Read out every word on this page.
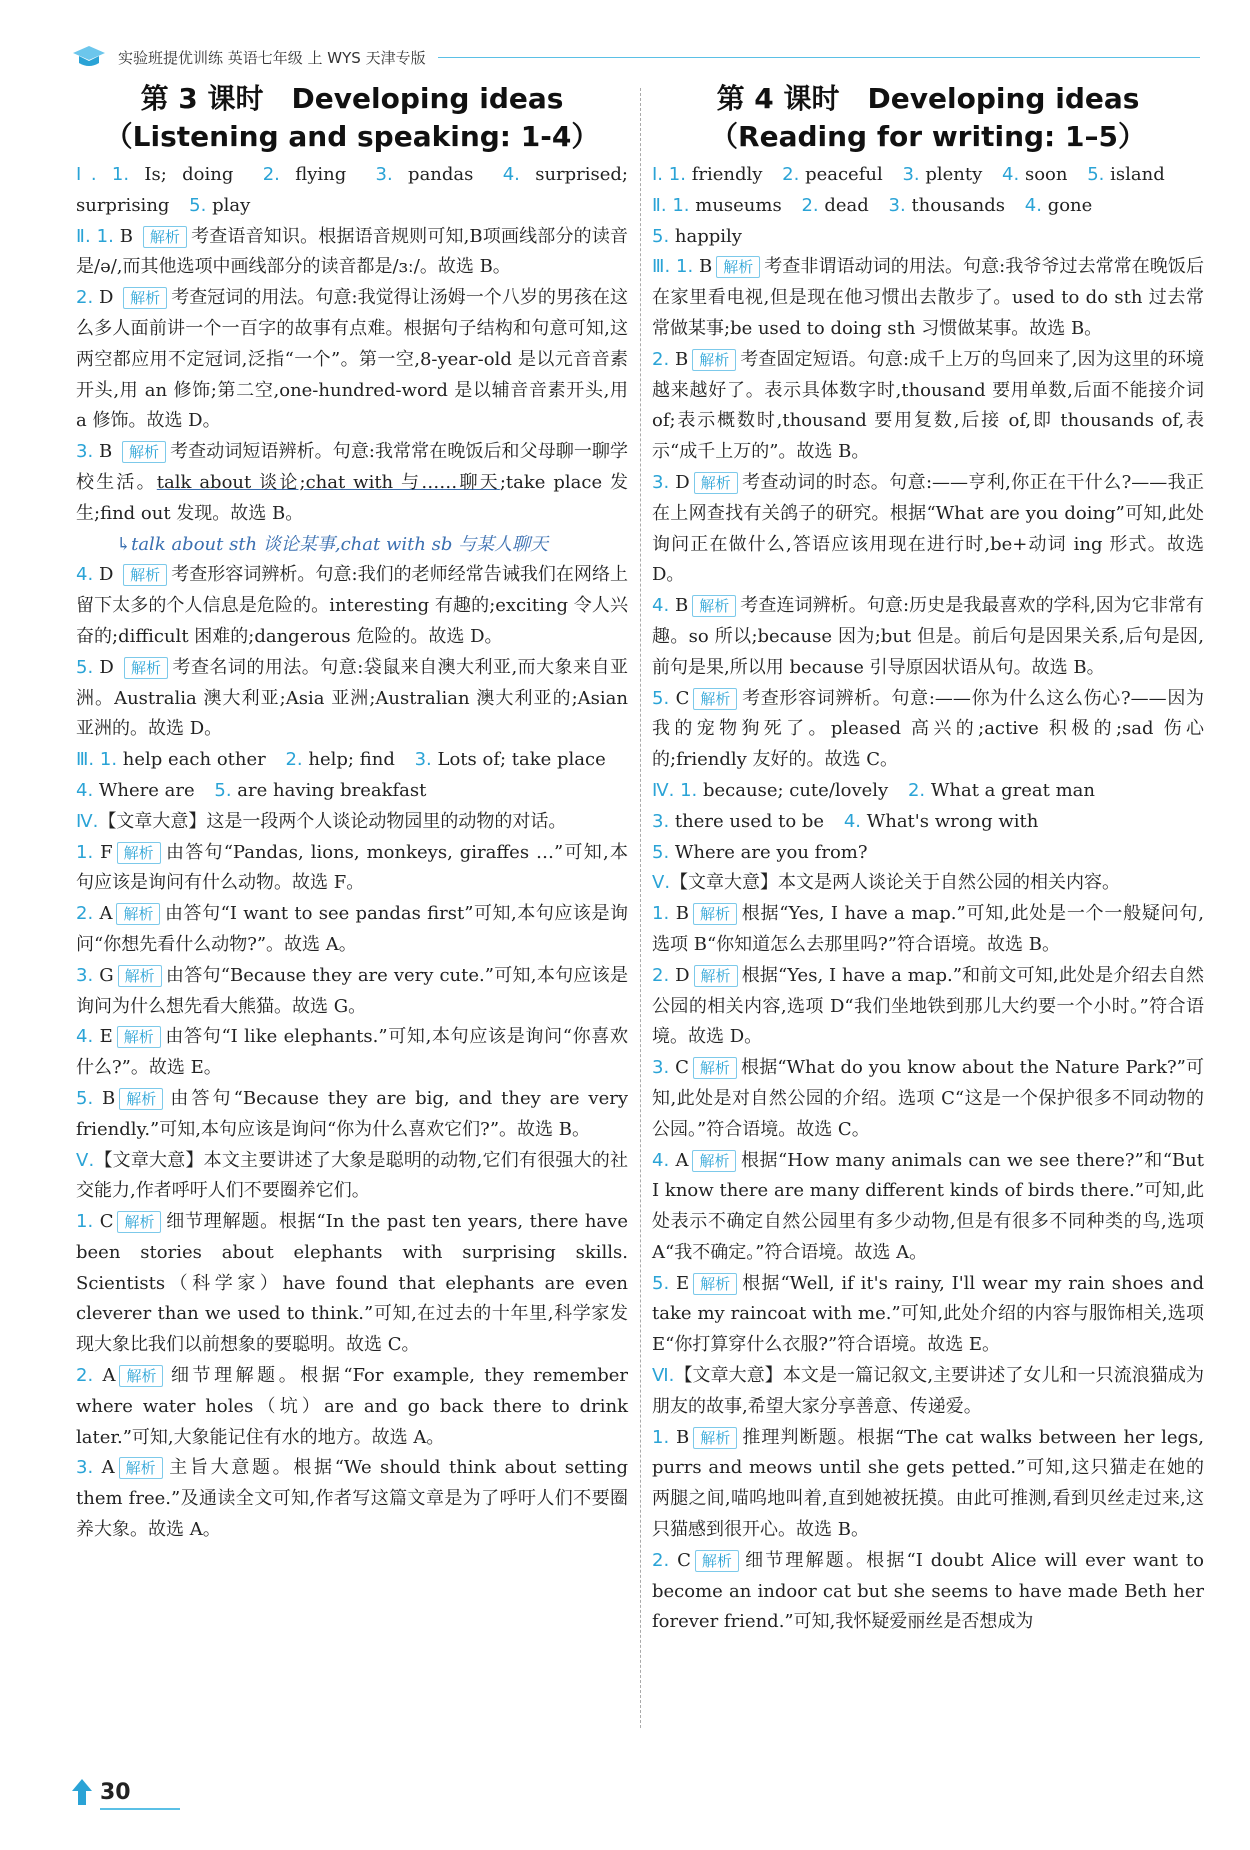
实验班提优训练 英语七年级 上 WYS 天津专版
第 3 课时　Developing ideas
（Listening and speaking: 1-4）

Ⅰ. 1. Is; doing 2. flying 3. pandas 4. surprised; surprising 5. play

Ⅱ. 1. B 解析 考查语音知识。根据语音规则可知,B项画线部分的读音是/ə/,而其他选项中画线部分的读音都是/ɜː/。故选 B。

2. D 解析 考查冠词的用法。句意:我觉得让汤姆一个八岁的男孩在这么多人面前讲一个一百字的故事有点难。根据句子结构和句意可知,这两空都应用不定冠词,泛指“一个”。第一空,8-year-old 是以元音音素开头,用 an 修饰;第二空,one-hundred-word 是以辅音音素开头,用 a 修饰。故选 D。

3. B 解析 考查动词短语辨析。句意:我常常在晚饭后和父母聊一聊学校生活。talk about 谈论;chat with 与……聊天;take place 发生;find out 发现。故选 B。

↳talk about sth 谈论某事,chat with sb 与某人聊天

4. D 解析 考查形容词辨析。句意:我们的老师经常告诫我们在网络上留下太多的个人信息是危险的。interesting 有趣的;exciting 令人兴奋的;difficult 困难的;dangerous 危险的。故选 D。

5. D 解析 考查名词的用法。句意:袋鼠来自澳大利亚,而大象来自亚洲。Australia 澳大利亚;Asia 亚洲;Australian 澳大利亚的;Asian 亚洲的。故选 D。

Ⅲ. 1. help each other 2. help; find 3. Lots of; take place

4. Where are 5. are having breakfast

Ⅳ.【文章大意】这是一段两个人谈论动物园里的动物的对话。

1. F 解析 由答句“Pandas, lions, monkeys, giraffes …”可知,本句应该是询问有什么动物。故选 F。

2. A 解析 由答句“I want to see pandas first”可知,本句应该是询问“你想先看什么动物?”。故选 A。

3. G 解析 由答句“Because they are very cute.”可知,本句应该是询问为什么想先看大熊猫。故选 G。

4. E 解析 由答句“I like elephants.”可知,本句应该是询问“你喜欢什么?”。故选 E。

5. B 解析 由答句“Because they are big, and they are very friendly.”可知,本句应该是询问“你为什么喜欢它们?”。故选 B。

Ⅴ.【文章大意】本文主要讲述了大象是聪明的动物,它们有很强大的社交能力,作者呼吁人们不要圈养它们。

1. C 解析 细节理解题。根据“In the past ten years, there have been stories about elephants with surprising skills. Scientists（科学家）have found that elephants are even cleverer than we used to think.”可知,在过去的十年里,科学家发现大象比我们以前想象的要聪明。故选 C。

2. A 解析 细节理解题。根据“For example, they remember where water holes（坑）are and go back there to drink later.”可知,大象能记住有水的地方。故选 A。

3. A 解析 主旨大意题。根据“We should think about setting them free.”及通读全文可知,作者写这篇文章是为了呼吁人们不要圈养大象。故选 A。

第 4 课时　Developing ideas
（Reading for writing: 1–5）

Ⅰ. 1. friendly 2. peaceful 3. plenty 4. soon 5. island

Ⅱ. 1. museums 2. dead 3. thousands 4. gone

5. happily

Ⅲ. 1. B 解析 考查非谓语动词的用法。句意:我爷爷过去常常在晚饭后在家里看电视,但是现在他习惯出去散步了。used to do sth 过去常常做某事;be used to doing sth 习惯做某事。故选 B。

2. B 解析 考查固定短语。句意:成千上万的鸟回来了,因为这里的环境越来越好了。表示具体数字时,thousand 要用单数,后面不能接介词 of;表示概数时,thousand 要用复数,后接 of,即 thousands of,表示“成千上万的”。故选 B。

3. D 解析 考查动词的时态。句意:——亨利,你正在干什么?——我正在上网查找有关鸽子的研究。根据“What are you doing”可知,此处询问正在做什么,答语应该用现在进行时,be+动词 ing 形式。故选 D。

4. B 解析 考查连词辨析。句意:历史是我最喜欢的学科,因为它非常有趣。so 所以;because 因为;but 但是。前后句是因果关系,后句是因,前句是果,所以用 because 引导原因状语从句。故选 B。

5. C 解析 考查形容词辨析。句意:——你为什么这么伤心?——因为我的宠物狗死了。pleased 高兴的;active 积极的;sad 伤心的;friendly 友好的。故选 C。

Ⅳ. 1. because; cute/lovely 2. What a great man

3. there used to be 4. What's wrong with

5. Where are you from?

Ⅴ.【文章大意】本文是两人谈论关于自然公园的相关内容。

1. B 解析 根据“Yes, I have a map.”可知,此处是一个一般疑问句,选项 B“你知道怎么去那里吗?”符合语境。故选 B。

2. D 解析 根据“Yes, I have a map.”和前文可知,此处是介绍去自然公园的相关内容,选项 D“我们坐地铁到那儿大约要一个小时。”符合语境。故选 D。

3. C 解析 根据“What do you know about the Nature Park?”可知,此处是对自然公园的介绍。选项 C“这是一个保护很多不同动物的公园。”符合语境。故选 C。

4. A 解析 根据“How many animals can we see there?”和“But I know there are many different kinds of birds there.”可知,此处表示不确定自然公园里有多少动物,但是有很多不同种类的鸟,选项 A“我不确定。”符合语境。故选 A。

5. E 解析 根据“Well, if it's rainy, I'll wear my rain shoes and take my raincoat with me.”可知,此处介绍的内容与服饰相关,选项 E“你打算穿什么衣服?”符合语境。故选 E。

Ⅵ.【文章大意】本文是一篇记叙文,主要讲述了女儿和一只流浪猫成为朋友的故事,希望大家分享善意、传递爱。

1. B 解析 推理判断题。根据“The cat walks between her legs, purrs and meows until she gets petted.”可知,这只猫走在她的两腿之间,喵呜地叫着,直到她被抚摸。由此可推测,看到贝丝走过来,这只猫感到很开心。故选 B。

2. C 解析 细节理解题。根据“I doubt Alice will ever want to become an indoor cat but she seems to have made Beth her forever friend.”可知,我怀疑爱丽丝是否想成为

30
